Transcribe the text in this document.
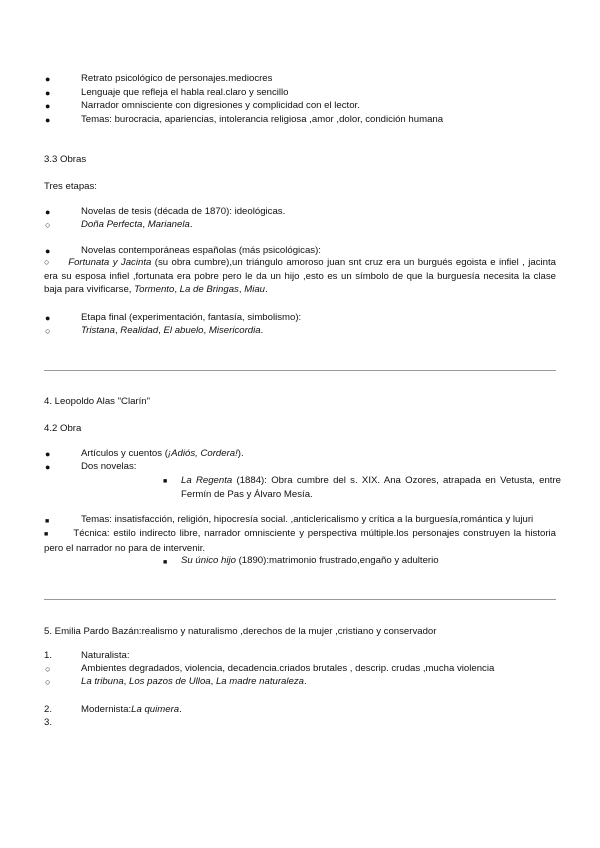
●	Retrato psicológico de personajes.mediocres
●	Lenguaje que refleja el habla real.claro y sencillo
●	Narrador omnisciente con digresiones y complicidad con el lector.
●	Temas: burocracia, apariencias, intolerancia religiosa ,amor ,dolor, condición humana
3.3 Obras
Tres etapas:
●	Novelas de tesis (década de 1870): ideológicas.
○	Doña Perfecta, Marianela.
●	Novelas contemporáneas españolas (más psicológicas):
○ Fortunata y Jacinta (su obra cumbre),un triángulo amoroso juan snt cruz era un burgués egoista e infiel , jacinta era su esposa infiel ,fortunata era pobre pero le da un hijo ,esto es un símbolo de que la burguesía necesita la clase baja para vivificarse, Tormento, La de Bringas, Miau.
●	Etapa final (experimentación, fantasía, simbolismo):
○	Tristana, Realidad, El abuelo, Misericordia.
4. Leopoldo Alas "Clarín"
4.2 Obra
●	Artículos y cuentos (¡Adiós, Cordera!).
●	Dos novelas:
■ La Regenta (1884): Obra cumbre del s. XIX. Ana Ozores, atrapada en Vetusta, entre Fermín de Pas y Álvaro Mesía.
■	Temas: insatisfacción, religión, hipocresía social. ,anticlericalismo y crítica a la burguesía,romántica y lujuri
■	Técnica: estilo indirecto libre, narrador omnisciente y perspectiva múltiple.los personajes construyen la historia pero el narrador no para de intervenir.
■ Su único hijo (1890):matrimonio frustrado,engaño y adulterio
5. Emilia Pardo Bazán:realismo y naturalismo ,derechos de la mujer ,cristiano y conservador
1.	Naturalista:
○	Ambientes degradados, violencia, decadencia.criados brutales , descrip. crudas ,mucha violencia
○	La tribuna, Los pazos de Ulloa, La madre naturaleza.
2.	Modernista:La quimera.
3.
